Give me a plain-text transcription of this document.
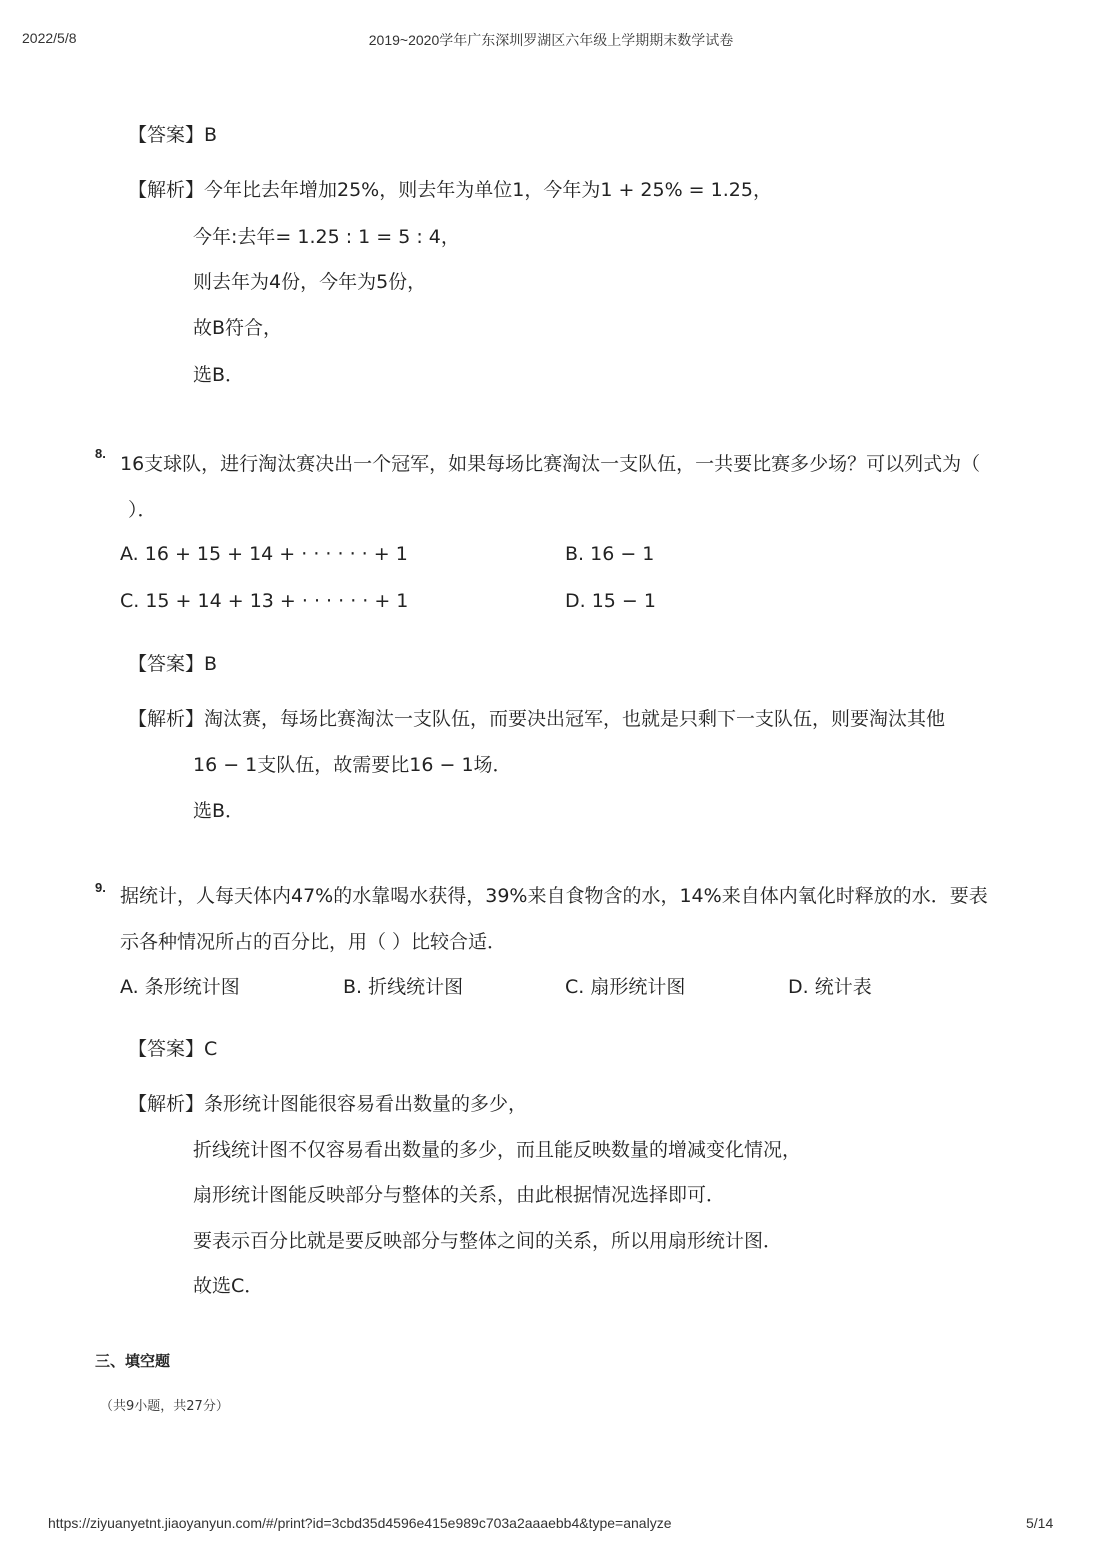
2022/5/8	2019~2020学年广东深圳罗湖区六年级上学期期末数学试卷
【答案】B
【解析】今年比去年增加25%，则去年为单位1，今年为1 + 25% = 1.25，
今年:去年= 1.25 : 1 = 5 : 4，
则去年为4份，今年为5份，
故B符合，
选B．
8. 16支球队，进行淘汰赛决出一个冠军，如果每场比赛淘汰一支队伍，一共要比赛多少场？可以列式为（
）．
A. 16 + 15 + 14 + · · · · · · + 1	B. 16 − 1
C. 15 + 14 + 13 + · · · · · · + 1	D. 15 − 1
【答案】B
【解析】淘汰赛，每场比赛淘汰一支队伍，而要决出冠军，也就是只剩下一支队伍，则要淘汰其他
16 − 1支队伍，故需要比16 − 1场．
选B．
9. 据统计，人每天体内47%的水靠喝水获得，39%来自食物含的水，14%来自体内氧化时释放的水．要表
示各种情况所占的百分比，用（ ）比较合适．
A. 条形统计图	B. 折线统计图	C. 扇形统计图	D. 统计表
【答案】C
【解析】条形统计图能很容易看出数量的多少，
折线统计图不仅容易看出数量的多少，而且能反映数量的增减变化情况，
扇形统计图能反映部分与整体的关系，由此根据情况选择即可．
要表示百分比就是要反映部分与整体之间的关系，所以用扇形统计图．
故选C．
三、填空题
（共9小题，共27分）
https://ziyuanyetnt.jiaoyanyun.com/#/print?id=3cbd35d4596e415e989c703a2aaaebb4&type=analyze	5/14
